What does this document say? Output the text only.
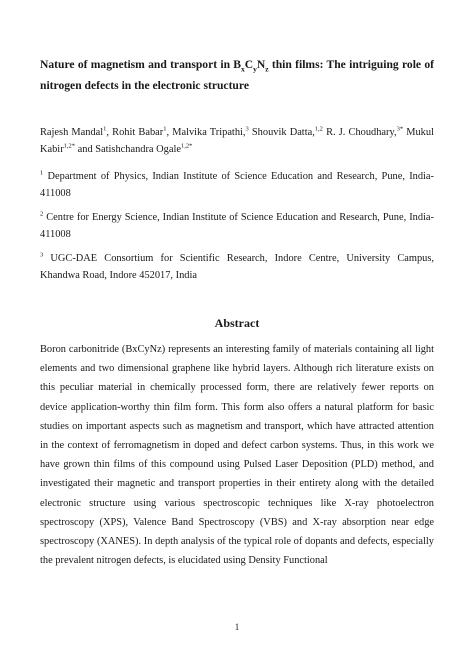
Nature of magnetism and transport in $B_xC_yN_z$ thin films: The intriguing role of nitrogen defects in the electronic structure
Rajesh Mandal$^1$, Rohit Babar$^1$, Malvika Tripathi,$^3$ Shouvik Datta,$^{1,2}$ R. J. Choudhary,$^{3*}$ Mukul Kabir$^{1,2*}$ and Satishchandra Ogale$^{1,2*}$
$^1$ Department of Physics, Indian Institute of Science Education and Research, Pune, India-411008
$^2$ Centre for Energy Science, Indian Institute of Science Education and Research, Pune, India-411008
$^3$ UGC-DAE Consortium for Scientific Research, Indore Centre, University Campus, Khandwa Road, Indore 452017, India
Abstract
Boron carbonitride (BxCyNz) represents an interesting family of materials containing all light elements and two dimensional graphene like hybrid layers. Although rich literature exists on this peculiar material in chemically processed form, there are relatively fewer reports on device application-worthy thin film form. This form also offers a natural platform for basic studies on important aspects such as magnetism and transport, which have attracted attention in the context of ferromagnetism in doped and defect carbon systems. Thus, in this work we have grown thin films of this compound using Pulsed Laser Deposition (PLD) method, and investigated their magnetic and transport properties in their entirety along with the detailed electronic structure using various spectroscopic techniques like X-ray photoelectron spectroscopy (XPS), Valence Band Spectroscopy (VBS) and X-ray absorption near edge spectroscopy (XANES). In depth analysis of the typical role of dopants and defects, especially the prevalent nitrogen defects, is elucidated using Density Functional
1
